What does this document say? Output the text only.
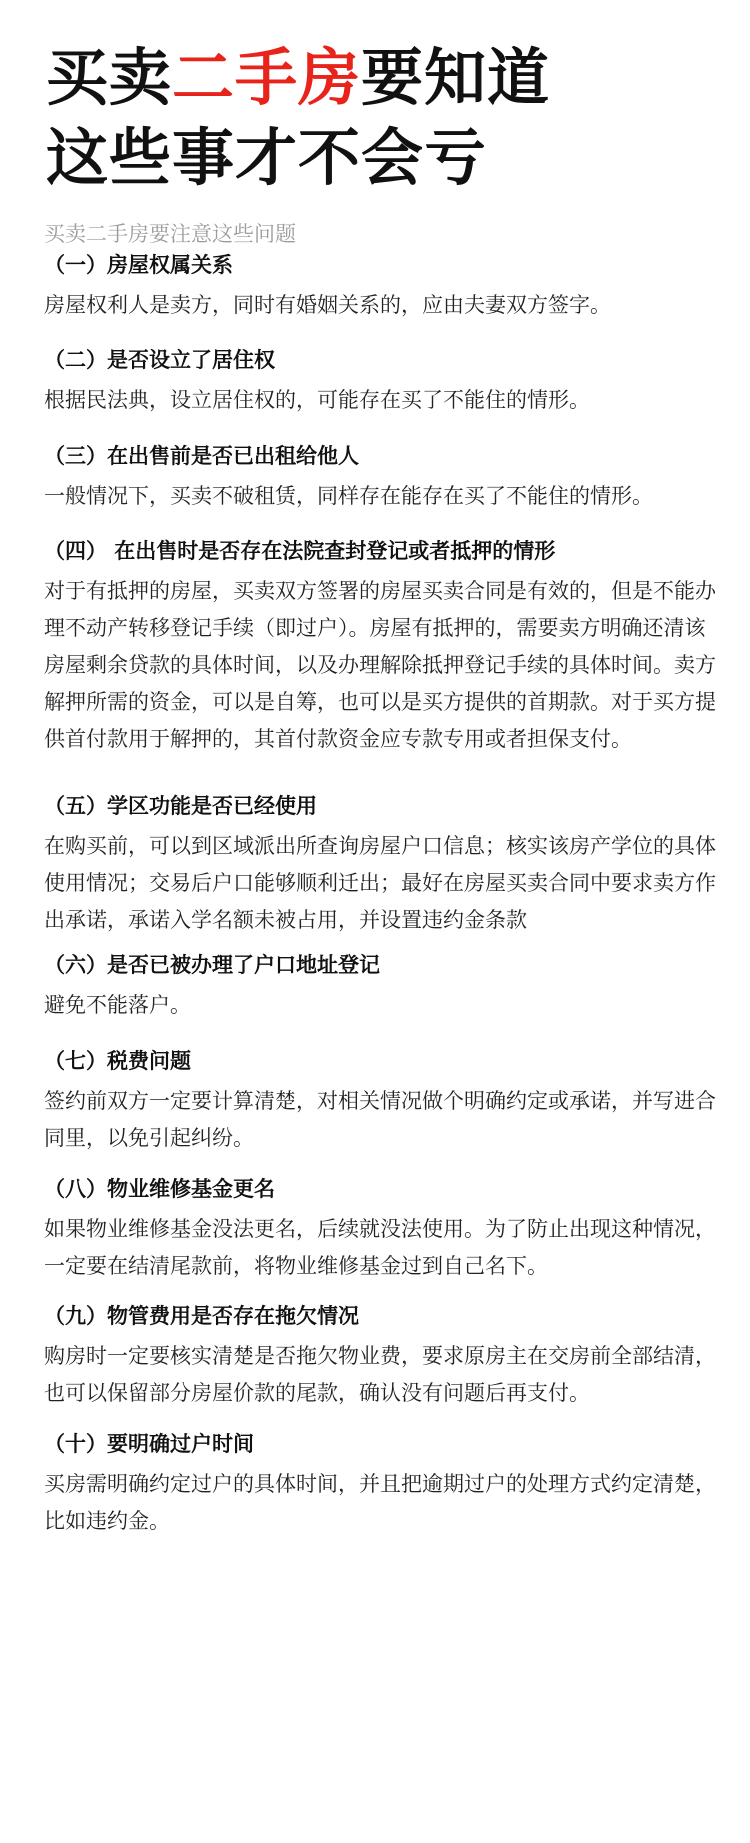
买卖二手房要知道
这些事才不会亏
买卖二手房要注意这些问题
（一）房屋权属关系

房屋权利人是卖方，同时有婚姻关系的，应由夫妻双方签字。

（二）是否设立了居住权

根据民法典，设立居住权的，可能存在买了不能住的情形。

（三）在出售前是否已出租给他人

一般情况下，买卖不破租赁，同样存在能存在买了不能住的情形。

（四） 在出售时是否存在法院查封登记或者抵押的情形

对于有抵押的房屋，买卖双方签署的房屋买卖合同是有效的，但是不能办理不动产转移登记手续（即过户）。房屋有抵押的，需要卖方明确还清该房屋剩余贷款的具体时间，以及办理解除抵押登记手续的具体时间。卖方解押所需的资金，可以是自筹，也可以是买方提供的首期款。对于买方提供首付款用于解押的，其首付款资金应专款专用或者担保支付。

（五）学区功能是否已经使用

在购买前，可以到区域派出所查询房屋户口信息；核实该房产学位的具体使用情况；交易后户口能够顺利迁出；最好在房屋买卖合同中要求卖方作出承诺，承诺入学名额未被占用，并设置违约金条款

（六）是否已被办理了户口地址登记

避免不能落户。

（七）税费问题

签约前双方一定要计算清楚，对相关情况做个明确约定或承诺，并写进合同里，以免引起纠纷。

（八）物业维修基金更名

如果物业维修基金没法更名，后续就没法使用。为了防止出现这种情况，一定要在结清尾款前，将物业维修基金过到自己名下。

（九）物管费用是否存在拖欠情况

购房时一定要核实清楚是否拖欠物业费，要求原房主在交房前全部结清，也可以保留部分房屋价款的尾款，确认没有问题后再支付。

（十）要明确过户时间

买房需明确约定过户的具体时间，并且把逾期过户的处理方式约定清楚，比如违约金。
